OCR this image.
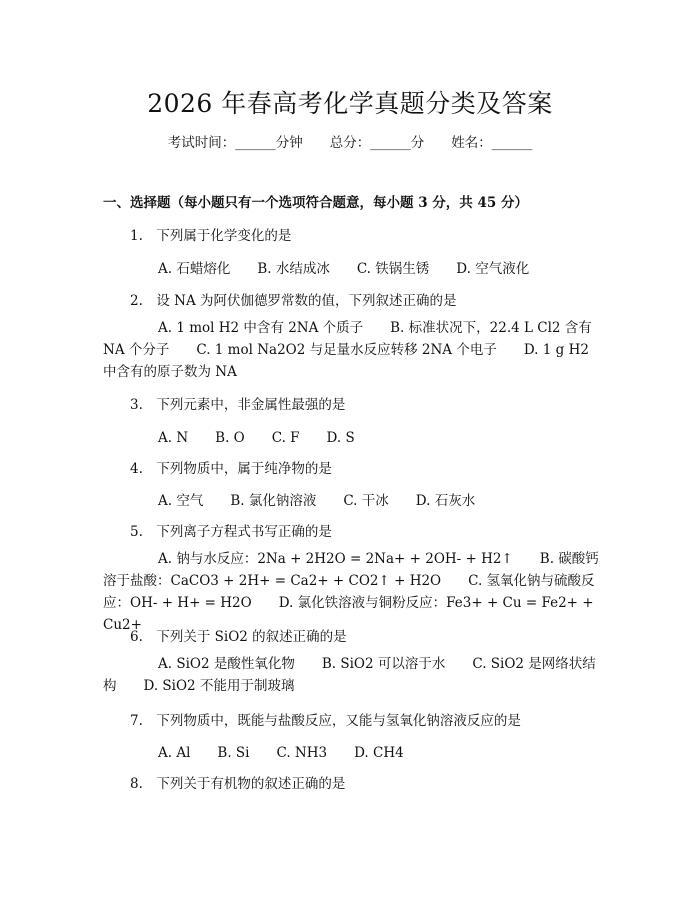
2026 年春高考化学真题分类及答案
考试时间：______分钟　　总分：______分　　姓名：______
一、选择题（每小题只有一个选项符合题意，每小题 3 分，共 45 分）
1.　下列属于化学变化的是
A. 石蜡熔化　　B. 水结成冰　　C. 铁锅生锈　　D. 空气液化
2.　设 NA 为阿伏伽德罗常数的值，下列叙述正确的是
A. 1 mol H2 中含有 2NA 个质子　　B. 标准状况下，22.4 L Cl2 含有 NA 个分子　　C. 1 mol Na2O2 与足量水反应转移 2NA 个电子　　D. 1 g H2 中含有的原子数为 NA
3.　下列元素中，非金属性最强的是
A. N　　B. O　　C. F　　D. S
4.　下列物质中，属于纯净物的是
A. 空气　　B. 氯化钠溶液　　C. 干冰　　D. 石灰水
5.　下列离子方程式书写正确的是
A. 钠与水反应：2Na + 2H2O = 2Na+ + 2OH- + H2↑　　B. 碳酸钙溶于盐酸：CaCO3 + 2H+ = Ca2+ + CO2↑ + H2O　　C. 氢氧化钠与硫酸反应：OH- + H+ = H2O　　D. 氯化铁溶液与铜粉反应：Fe3+ + Cu = Fe2+ + Cu2+
6.　下列关于 SiO2 的叙述正确的是
A. SiO2 是酸性氧化物　　B. SiO2 可以溶于水　　C. SiO2 是网络状结构　　D. SiO2 不能用于制玻璃
7.　下列物质中，既能与盐酸反应，又能与氢氧化钠溶液反应的是
A. Al　　B. Si　　C. NH3　　D. CH4
8.　下列关于有机物的叙述正确的是
